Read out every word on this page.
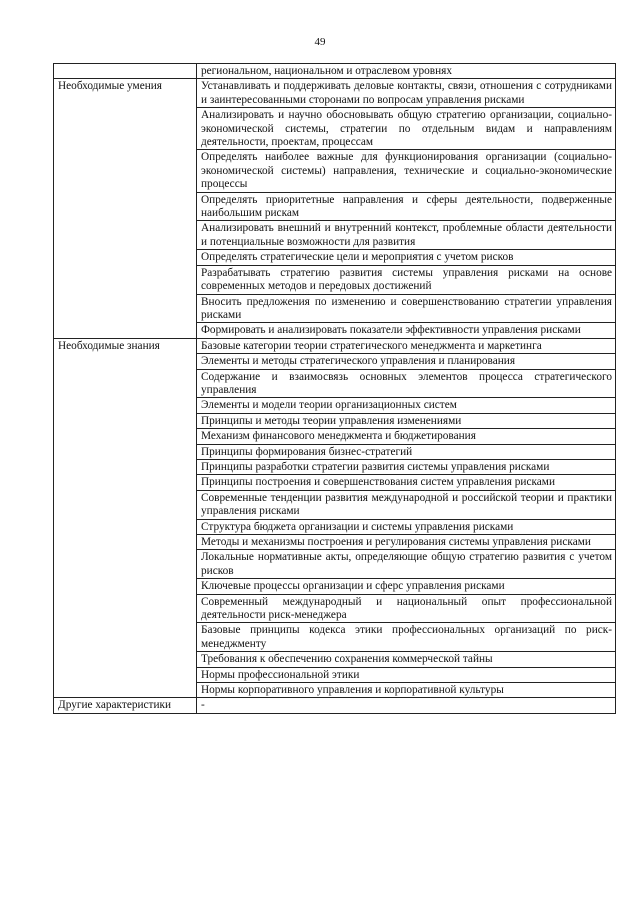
49
	региональном, национальном и отраслевом уровнях
Необходимые умения	Устанавливать и поддерживать деловые контакты, связи, отношения с сотрудниками и заинтересованными сторонами по вопросам управления рисками
	Анализировать и научно обосновывать общую стратегию организации, социально-экономической системы, стратегии по отдельным видам и направлениям деятельности, проектам, процессам
	Определять наиболее важные для функционирования организации (социально-экономической системы) направления, технические и социально-экономические процессы
	Определять приоритетные направления и сферы деятельности, подверженные наибольшим рискам
	Анализировать внешний и внутренний контекст, проблемные области деятельности и потенциальные возможности для развития
	Определять стратегические цели и мероприятия с учетом рисков
	Разрабатывать стратегию развития системы управления рисками на основе современных методов и передовых достижений
	Вносить предложения по изменению и совершенствованию стратегии управления рисками
	Формировать и анализировать показатели эффективности управления рисками
Необходимые знания	Базовые категории теории стратегического менеджмента и маркетинга
	Элементы и методы стратегического управления и планирования
	Содержание и взаимосвязь основных элементов процесса стратегического управления
	Элементы и модели теории организационных систем
	Принципы и методы теории управления изменениями
	Механизм финансового менеджмента и бюджетирования
	Принципы формирования бизнес-стратегий
	Принципы разработки стратегии развития системы управления рисками
	Принципы построения и совершенствования систем управления рисками
	Современные тенденции развития международной и российской теории и практики управления рисками
	Структура бюджета организации и системы управления рисками
	Методы и механизмы построения и регулирования системы управления рисками
	Локальные нормативные акты, определяющие общую стратегию развития с учетом рисков
	Ключевые процессы организации и сферс управления рисками
	Современный международный и национальный опыт профессиональной деятельности риск-менеджера
	Базовые принципы кодекса этики профессиональных организаций по риск-менеджменту
	Требования к обеспечению сохранения коммерческой тайны
	Нормы профессиональной этики
	Нормы корпоративного управления и корпоративной культуры
Другие характеристики	-
